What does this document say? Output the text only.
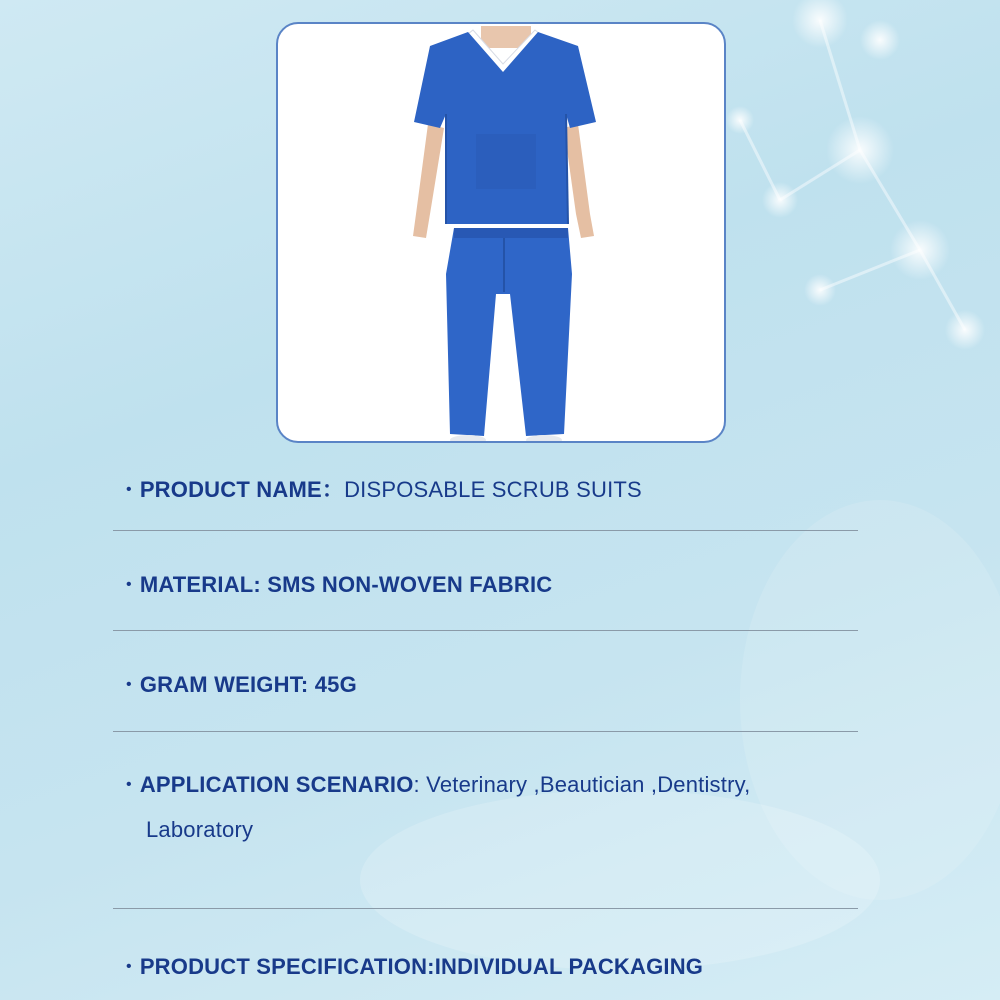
• PRODUCT NAME：DISPOSABLE SCRUB SUITS
• MATERIAL: SMS NON-WOVEN FABRIC
• GRAM WEIGHT: 45G
• APPLICATION SCENARIO: Veterinary ,Beautician ,Dentistry,
Laboratory
• PRODUCT SPECIFICATION:INDIVIDUAL PACKAGING
